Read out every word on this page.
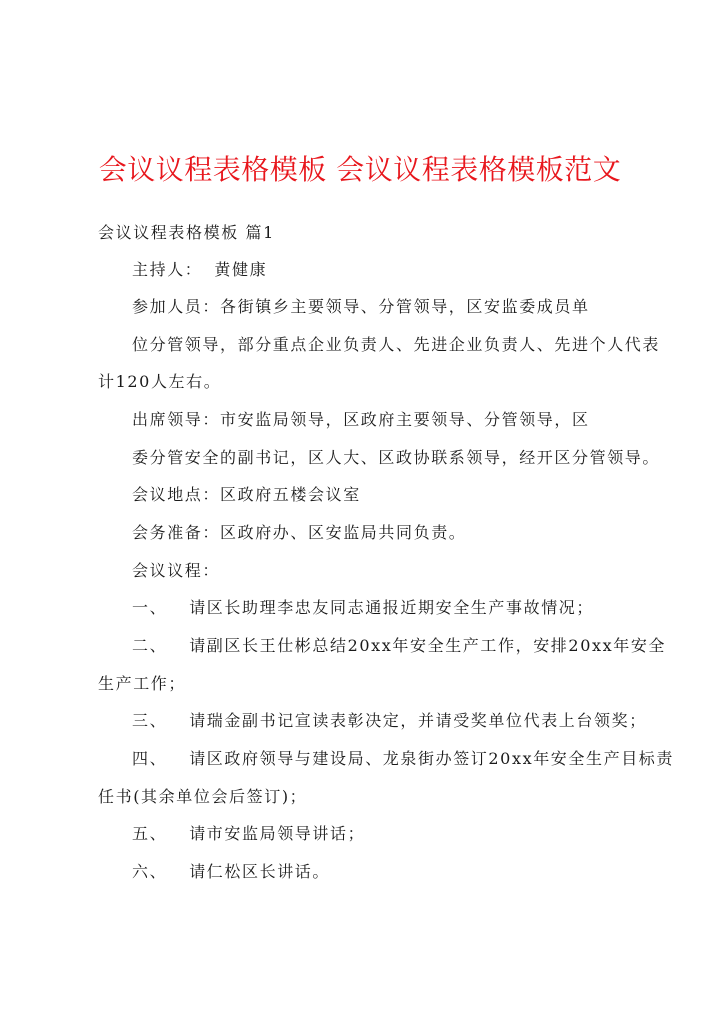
会议议程表格模板 会议议程表格模板范文
会议议程表格模板 篇1
主持人： 黄健康
参加人员：各街镇乡主要领导、分管领导，区安监委成员单
位分管领导，部分重点企业负责人、先进企业负责人、先进个人代表
计120人左右。
出席领导：市安监局领导，区政府主要领导、分管领导，区
委分管安全的副书记，区人大、区政协联系领导，经开区分管领导。
会议地点：区政府五楼会议室
会务准备：区政府办、区安监局共同负责。
会议议程：
一、 请区长助理李忠友同志通报近期安全生产事故情况；
二、 请副区长王仕彬总结20xx年安全生产工作，安排20xx年安全
生产工作；
三、 请瑞金副书记宣读表彰决定，并请受奖单位代表上台领奖；
四、 请区政府领导与建设局、龙泉街办签订20xx年安全生产目标责
任书(其余单位会后签订)；
五、 请市安监局领导讲话；
六、 请仁松区长讲话。
